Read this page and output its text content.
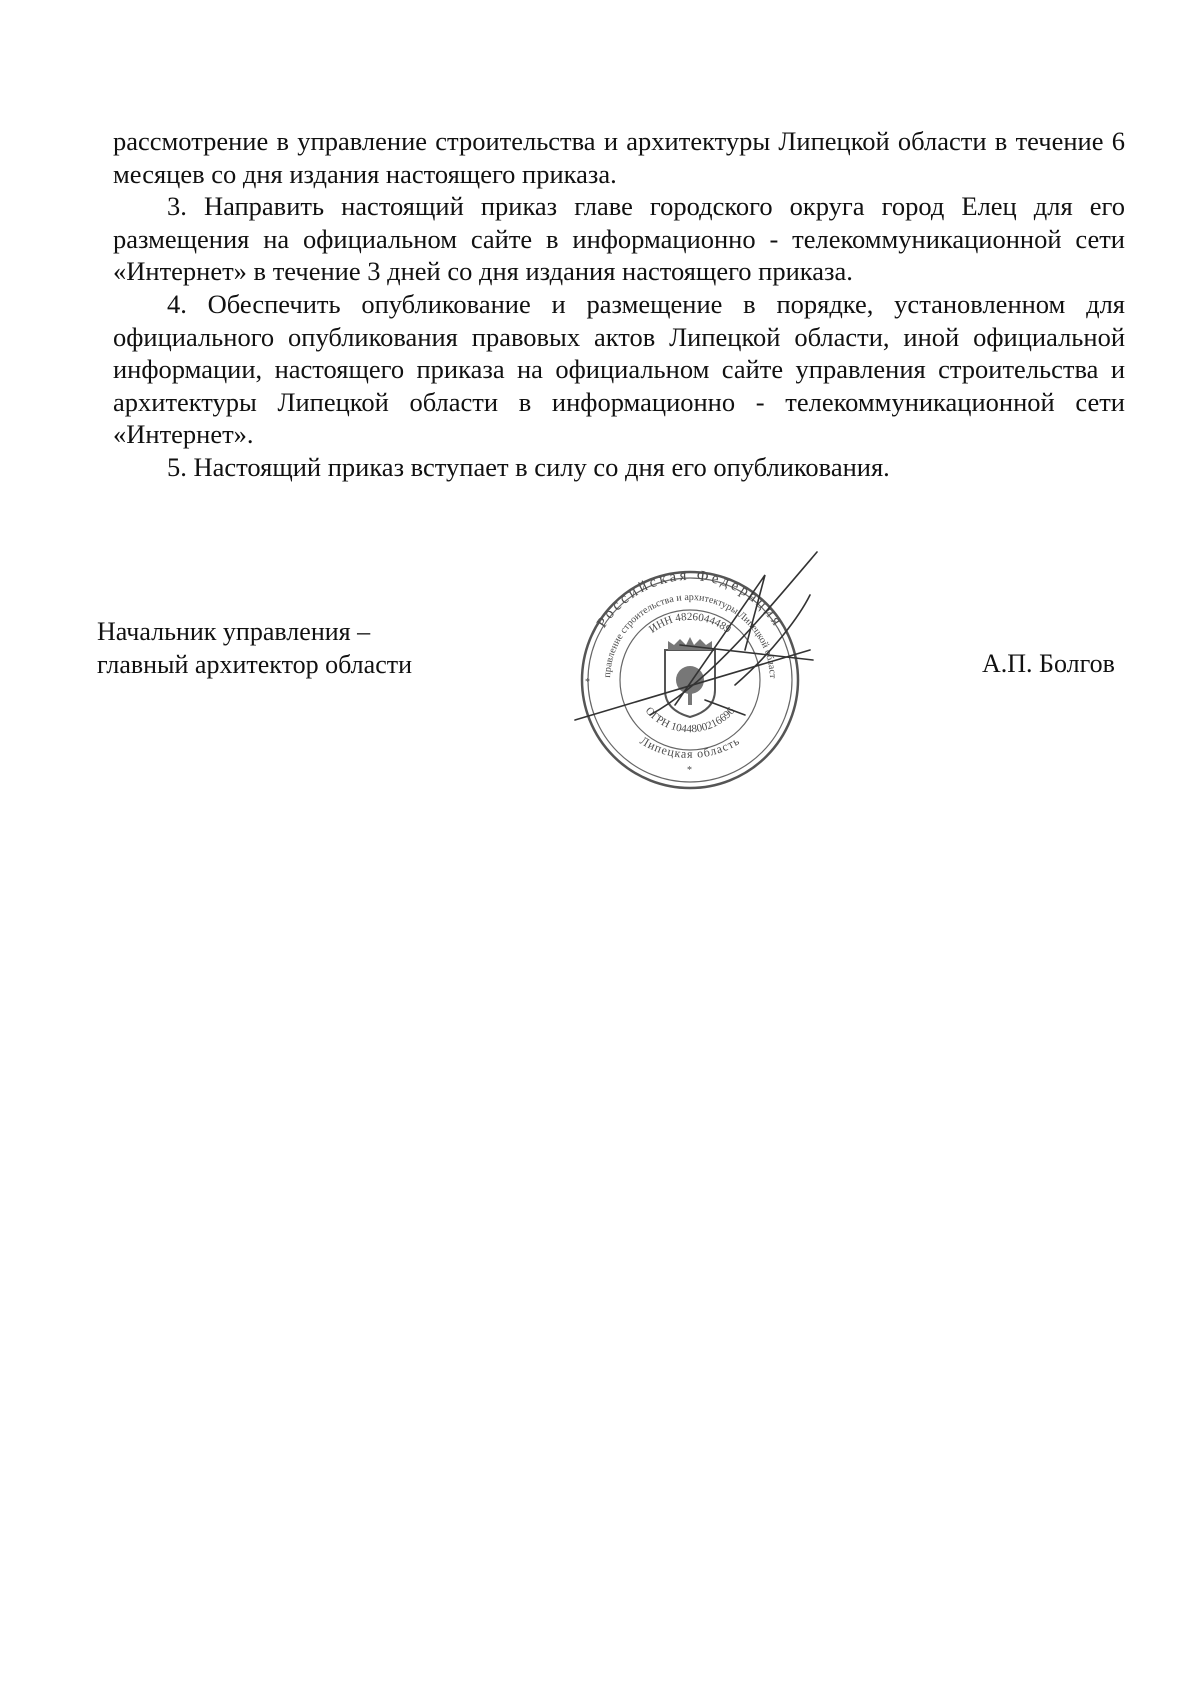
рассмотрение в управление строительства и архитектуры Липецкой области в течение 6 месяцев со дня издания настоящего приказа.

3. Направить настоящий приказ главе городского округа город Елец для его размещения на официальном сайте в информационно - телекоммуникационной сети «Интернет» в течение 3 дней со дня издания настоящего приказа.

4. Обеспечить опубликование и размещение в порядке, установленном для официального опубликования правовых актов Липецкой области, иной официальной информации, настоящего приказа на официальном сайте управления строительства и архитектуры Липецкой области в информационно - телекоммуникационной сети «Интернет».

5. Настоящий приказ вступает в силу со дня его опубликования.

Начальник управления –
главный архитектор области
Российская Федерация
Управление строительства и архитектуры Липецкой области
ИНН 4826044489
ОГРН 1044800216696
Липецкая область
*
*
А.П. Болгов
